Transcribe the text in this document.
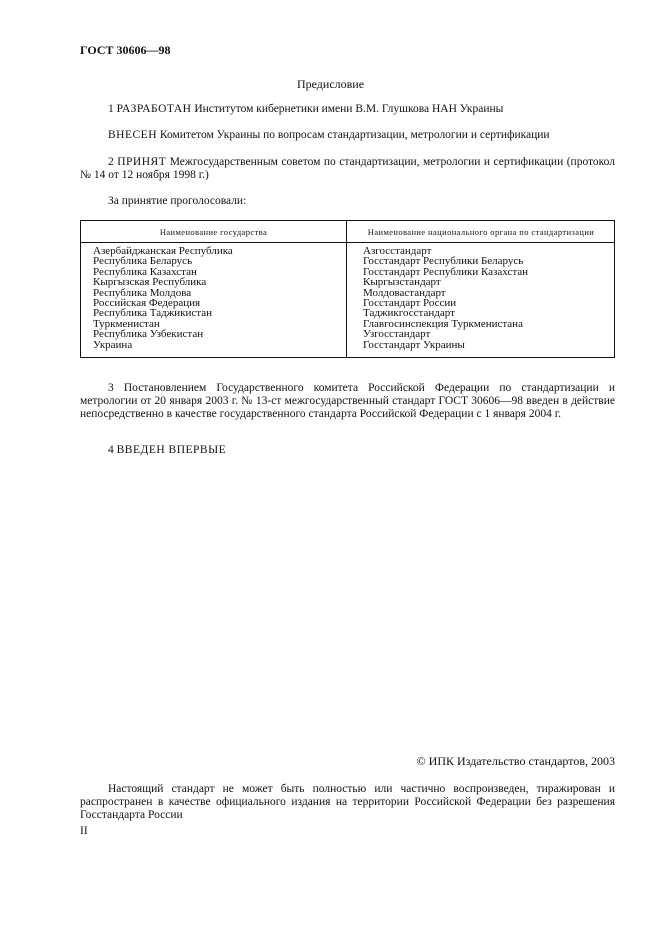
ГОСТ 30606—98
Предисловие
1 РАЗРАБОТАН Институтом кибернетики имени В.М. Глушкова НАН Украины
ВНЕСЕН Комитетом Украины по вопросам стандартизации, метрологии и сертификации
2 ПРИНЯТ Межгосударственным советом по стандартизации, метрологии и сертификации (протокол № 14 от 12 ноября 1998 г.)
За принятие проголосовали:
Наименование государства	Наименование национального органа по стандартизации
Азербайджанская Республика
Республика Беларусь
Республика Казахстан
Кыргызская Республика
Республика Молдова
Российская Федерация
Республика Таджикистан
Туркменистан
Республика Узбекистан
Украина
Азгосстандарт
Госстандарт Республики Беларусь
Госстандарт Республики Казахстан
Кыргызстандарт
Молдовастандарт
Госстандарт России
Таджикгосстандарт
Главгосинспекция Туркменистана
Узгосстандарт
Госстандарт Украины
3 Постановлением Государственного комитета Российской Федерации по стандартизации и метрологии от 20 января 2003 г. № 13-ст межгосударственный стандарт ГОСТ 30606—98 введен в действие непосредственно в качестве государственного стандарта Российской Федерации с 1 января 2004 г.
4 ВВЕДЕН ВПЕРВЫЕ
© ИПК Издательство стандартов, 2003
Настоящий стандарт не может быть полностью или частично воспроизведен, тиражирован и распространен в качестве официального издания на территории Российской Федерации без разрешения Госстандарта России
II
